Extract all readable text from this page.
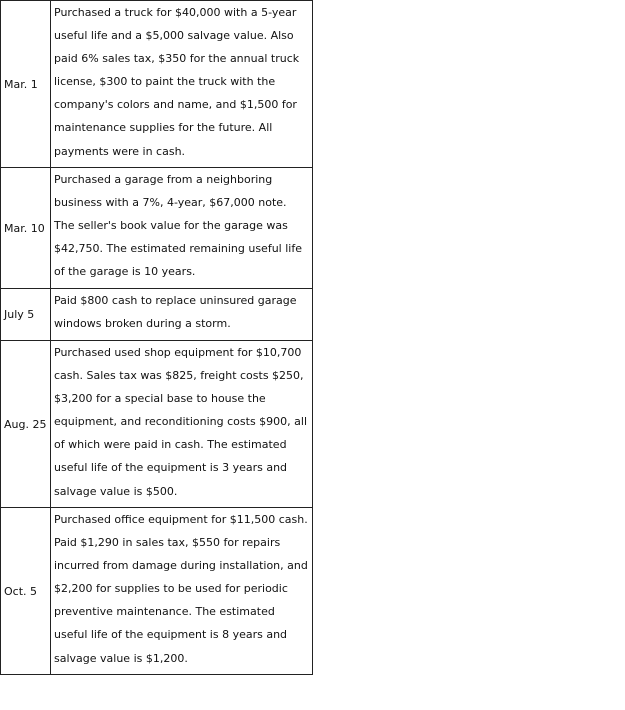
Mar. 1	Purchased a truck for $40,000 with a 5-year useful life and a $5,000 salvage value. Also paid 6% sales tax, $350 for the annual truck license, $300 to paint the truck with the company's colors and name, and $1,500 for maintenance supplies for the future. All payments were in cash.
Mar. 10	Purchased a garage from a neighboring business with a 7%, 4-year, $67,000 note. The seller's book value for the garage was $42,750. The estimated remaining useful life of the garage is 10 years.
July 5	Paid $800 cash to replace uninsured garage windows broken during a storm.
Aug. 25	Purchased used shop equipment for $10,700 cash. Sales tax was $825, freight costs $250, $3,200 for a special base to house the equipment, and reconditioning costs $900, all of which were paid in cash. The estimated useful life of the equipment is 3 years and salvage value is $500.
Oct. 5	Purchased office equipment for $11,500 cash. Paid $1,290 in sales tax, $550 for repairs incurred from damage during installation, and $2,200 for supplies to be used for periodic preventive maintenance. The estimated useful life of the equipment is 8 years and salvage value is $1,200.
